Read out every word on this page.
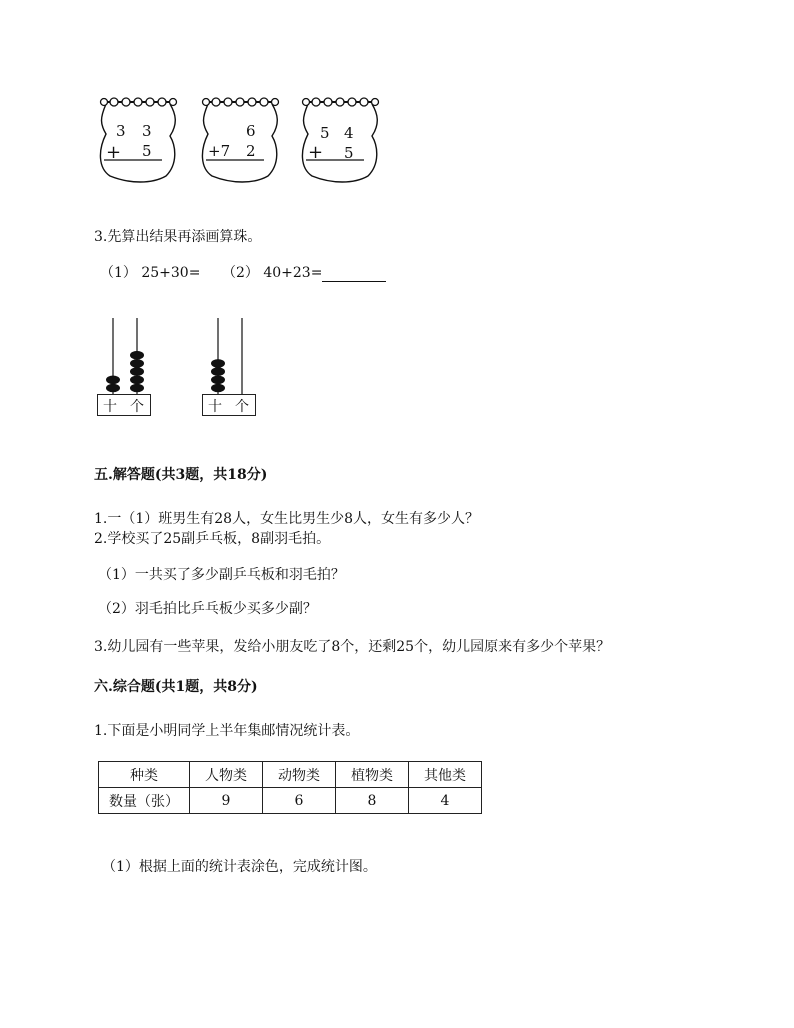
3 3
+ 5
6
+7 2
5 4
+ 5
3.先算出结果再添画算珠。
（1） 25+30= （2） 40+23=
十 个	十 个
五.解答题(共3题，共18分)
1.一（1）班男生有28人，女生比男生少8人，女生有多少人？
2.学校买了25副乒乓板，8副羽毛拍。
（1）一共买了多少副乒乓板和羽毛拍？
（2）羽毛拍比乒乓板少买多少副？
3.幼儿园有一些苹果，发给小朋友吃了8个，还剩25个，幼儿园原来有多少个苹果？
六.综合题(共1题，共8分)
1.下面是小明同学上半年集邮情况统计表。
种类	人物类	动物类	植物类	其他类
数量（张）	9	6	8	4
（1）根据上面的统计表涂色，完成统计图。
